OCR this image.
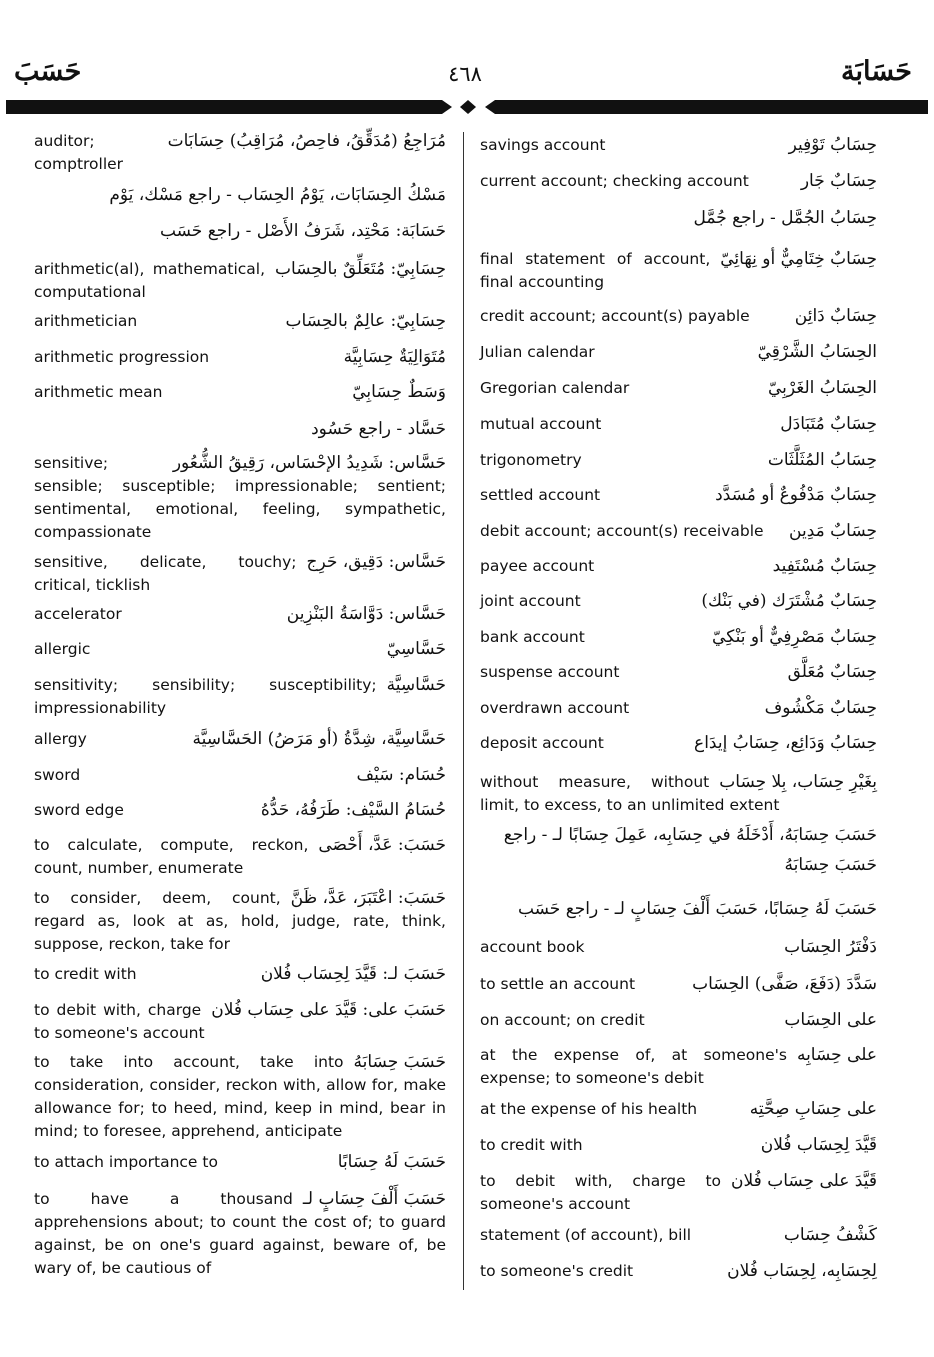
حَسَبَ	٤٦٨	حَسَابَة
مُرَاجِعُ (مُدَقِّقُ، فاحِصُ، مُرَاقِبُ) حِسَابَات
auditor; comptroller
مَسْكُ الحِسَابَات، يَوْمُ الحِسَاب - راجع مَسْك، يَوْم
حَسَابَة: مَحْتِد، شَرَفُ الأَصْل - راجع حَسَب
حِسَابِيّ: مُتَعَلِّقٌ بالحِسَاب
arithmetic(al), mathematical, computational
حِسَابِيّ: عالِمٌ بالحِسَاب
arithmetician
مُتَوَالِيَةٌ حِسَابِيَّة
arithmetic progression
وَسَطٌ حِسَابِيّ
arithmetic mean
حَسَّاد - راجع حَسُود
حَسَّاس: شَدِيدُ الإحْسَاس، رَقِيقُ الشُّعُور
sensitive; sensible; susceptible; impressionable; sentient; sentimental, emotional, feeling, sympathetic, compassionate
حَسَّاس: دَقِيق، حَرِج
sensitive, delicate, touchy; critical, ticklish
حَسَّاس: دَوَّاسَةُ البَنْزِين
accelerator
حَسَّاسِيّ
allergic
حَسَّاسِيَّة
sensitivity; sensibility; susceptibility; impressionability
حَسَّاسِيَّة، شِدَّةُ (أو مَرَضُ) الحَسَّاسِيَّة
allergy
حُسَام: سَيْف
sword
حُسَامُ السَّيْف: طَرَفُهُ، حَدُّهُ
sword edge
حَسَبَ: عَدَّ، أَحْصَى
to calculate, compute, reckon, count, number, enumerate
حَسَبَ: اعْتَبَرَ، عَدَّ، ظَنَّ
to consider, deem, count, regard as, look at as, hold, judge, rate, think, suppose, reckon, take for
حَسَبَ لـ: قَيَّدَ لِحِسَاب فُلان
to credit with
حَسَبَ على: قَيَّدَ على حِسَاب فُلان
to debit with, charge to someone's account
حَسَبَ حِسَابَهُ
to take into account, take into consideration, consider, reckon with, allow for, make allowance for; to heed, mind, keep in mind, bear in mind; to foresee, apprehend, anticipate
حَسَبَ لَهُ حِسَابًا
to attach importance to
حَسَبَ أَلْفَ حِسَابٍ لـ
to have a thousand apprehensions about; to count the cost of; to guard against, be on one's guard against, beware of, be wary of, be cautious of
حِسَابُ تَوْفِير
savings account
حِسَابٌ جَار
current account; checking account
حِسَابُ الجُمَّل - راجع جُمَّل
حِسَابٌ خِتَامِيٌّ أو نِهَائِيّ
final statement of account, final accounting
حِسَابٌ دَائِن
credit account; account(s) payable
الحِسَابُ الشَّرْقِيّ
Julian calendar
الحِسَابُ الغَرْبِيّ
Gregorian calendar
حِسَابٌ مُتَبَادَل
mutual account
حِسَابُ المُثَلَّثَات
trigonometry
حِسَابٌ مَدْفُوعٌ أو مُسَدَّد
settled account
حِسَابٌ مَدِين
debit account; account(s) receivable
حِسَابٌ مُسْتَفِيد
payee account
حِسَابٌ مُشْتَرَك (في بَنْك)
joint account
حِسَابٌ مَصْرِفِيٌّ أو بَنْكِيّ
bank account
حِسَابٌ مُعَلَّق
suspense account
حِسَابٌ مَكْشُوف
overdrawn account
حِسَابُ وَدَائِع، حِسَابُ إيدَاع
deposit account
بِغَيْرِ حِسَاب، بِلا حِسَاب
without measure, without limit, to excess, to an unlimited extent
حَسَبَ حِسَابَهُ، أَدْخَلَهُ في حِسَابِه، عَمِلَ حِسَابًا لـ - راجع
حَسَبَ حِسَابَهُ
حَسَبَ لَهُ حِسَابًا، حَسَبَ أَلْفَ حِسَابٍ لـ - راجع حَسَب
دَفْتَرُ الحِسَاب
account book
سَدَّدَ (دَفَعَ، صَفَّى) الحِسَاب
to settle an account
على الحِسَاب
on account; on credit
على حِسَابِه
at the expense of, at someone's expense; to someone's debit
على حِسَابِ صِحَّتِه
at the expense of his health
قَيَّدَ لِحِسَاب فُلان
to credit with
قَيَّدَ على حِسَاب فُلان
to debit with, charge to someone's account
كَشْفُ حِسَاب
statement (of account), bill
لِحِسَابِه، لِحِسَاب فُلان
to someone's credit
